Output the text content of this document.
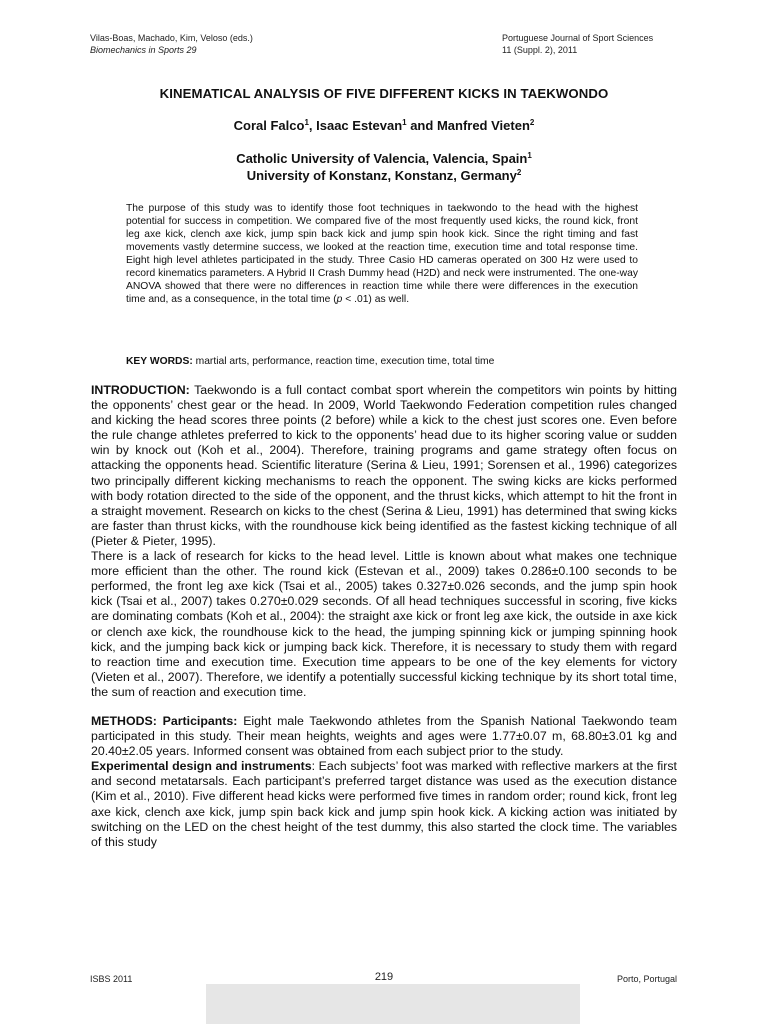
Vilas-Boas, Machado, Kim, Veloso (eds.)
Biomechanics in Sports 29
Portuguese Journal of Sport Sciences
11 (Suppl. 2), 2011
KINEMATICAL ANALYSIS OF FIVE DIFFERENT KICKS IN TAEKWONDO
Coral Falco$^1$, Isaac Estevan$^1$ and Manfred Vieten$^2$
Catholic University of Valencia, Valencia, Spain$^1$
University of Konstanz, Konstanz, Germany$^2$

The purpose of this study was to identify those foot techniques in taekwondo to the head with the highest potential for success in competition. We compared five of the most frequently used kicks, the round kick, front leg axe kick, clench axe kick, jump spin back kick and jump spin hook kick. Since the right timing and fast movements vastly determine success, we looked at the reaction time, execution time and total response time. Eight high level athletes participated in the study. Three Casio HD cameras operated on 300 Hz were used to record kinematics parameters. A Hybrid II Crash Dummy head (H2D) and neck were instrumented. The one-way ANOVA showed that there were no differences in reaction time while there were differences in the execution time and, as a consequence, in the total time (p < .01) as well.

KEY WORDS: martial arts, performance, reaction time, execution time, total time

INTRODUCTION: Taekwondo is a full contact combat sport wherein the competitors win points by hitting the opponents’ chest gear or the head. In 2009, World Taekwondo Federation competition rules changed and kicking the head scores three points (2 before) while a kick to the chest just scores one. Even before the rule change athletes preferred to kick to the opponents’ head due to its higher scoring value or sudden win by knock out (Koh et al., 2004). Therefore, training programs and game strategy often focus on attacking the opponents head. Scientific literature (Serina & Lieu, 1991; Sorensen et al., 1996) categorizes two principally different kicking mechanisms to reach the opponent. The swing kicks are kicks performed with body rotation directed to the side of the opponent, and the thrust kicks, which attempt to hit the front in a straight movement. Research on kicks to the chest (Serina & Lieu, 1991) has determined that swing kicks are faster than thrust kicks, with the roundhouse kick being identified as the fastest kicking technique of all (Pieter & Pieter, 1995).

There is a lack of research for kicks to the head level. Little is known about what makes one technique more efficient than the other. The round kick (Estevan et al., 2009) takes 0.286±0.100 seconds to be performed, the front leg axe kick (Tsai et al., 2005) takes 0.327±0.026 seconds, and the jump spin hook kick (Tsai et al., 2007) takes 0.270±0.029 seconds. Of all head techniques successful in scoring, five kicks are dominating combats (Koh et al., 2004): the straight axe kick or front leg axe kick, the outside in axe kick or clench axe kick, the roundhouse kick to the head, the jumping spinning kick or jumping spinning hook kick, and the jumping back kick or jumping back kick. Therefore, it is necessary to study them with regard to reaction time and execution time. Execution time appears to be one of the key elements for victory (Vieten et al., 2007). Therefore, we identify a potentially successful kicking technique by its short total time, the sum of reaction and execution time.

METHODS: Participants: Eight male Taekwondo athletes from the Spanish National Taekwondo team participated in this study. Their mean heights, weights and ages were 1.77±0.07 m, 68.80±3.01 kg and 20.40±2.05 years. Informed consent was obtained from each subject prior to the study.

Experimental design and instruments: Each subjects’ foot was marked with reflective markers at the first and second metatarsals. Each participant’s preferred target distance was used as the execution distance (Kim et al., 2010). Five different head kicks were performed five times in random order; round kick, front leg axe kick, clench axe kick, jump spin back kick and jump spin hook kick. A kicking action was initiated by switching on the LED on the chest height of the test dummy, this also started the clock time. The variables of this study

ISBS 2011	219	Porto, Portugal
